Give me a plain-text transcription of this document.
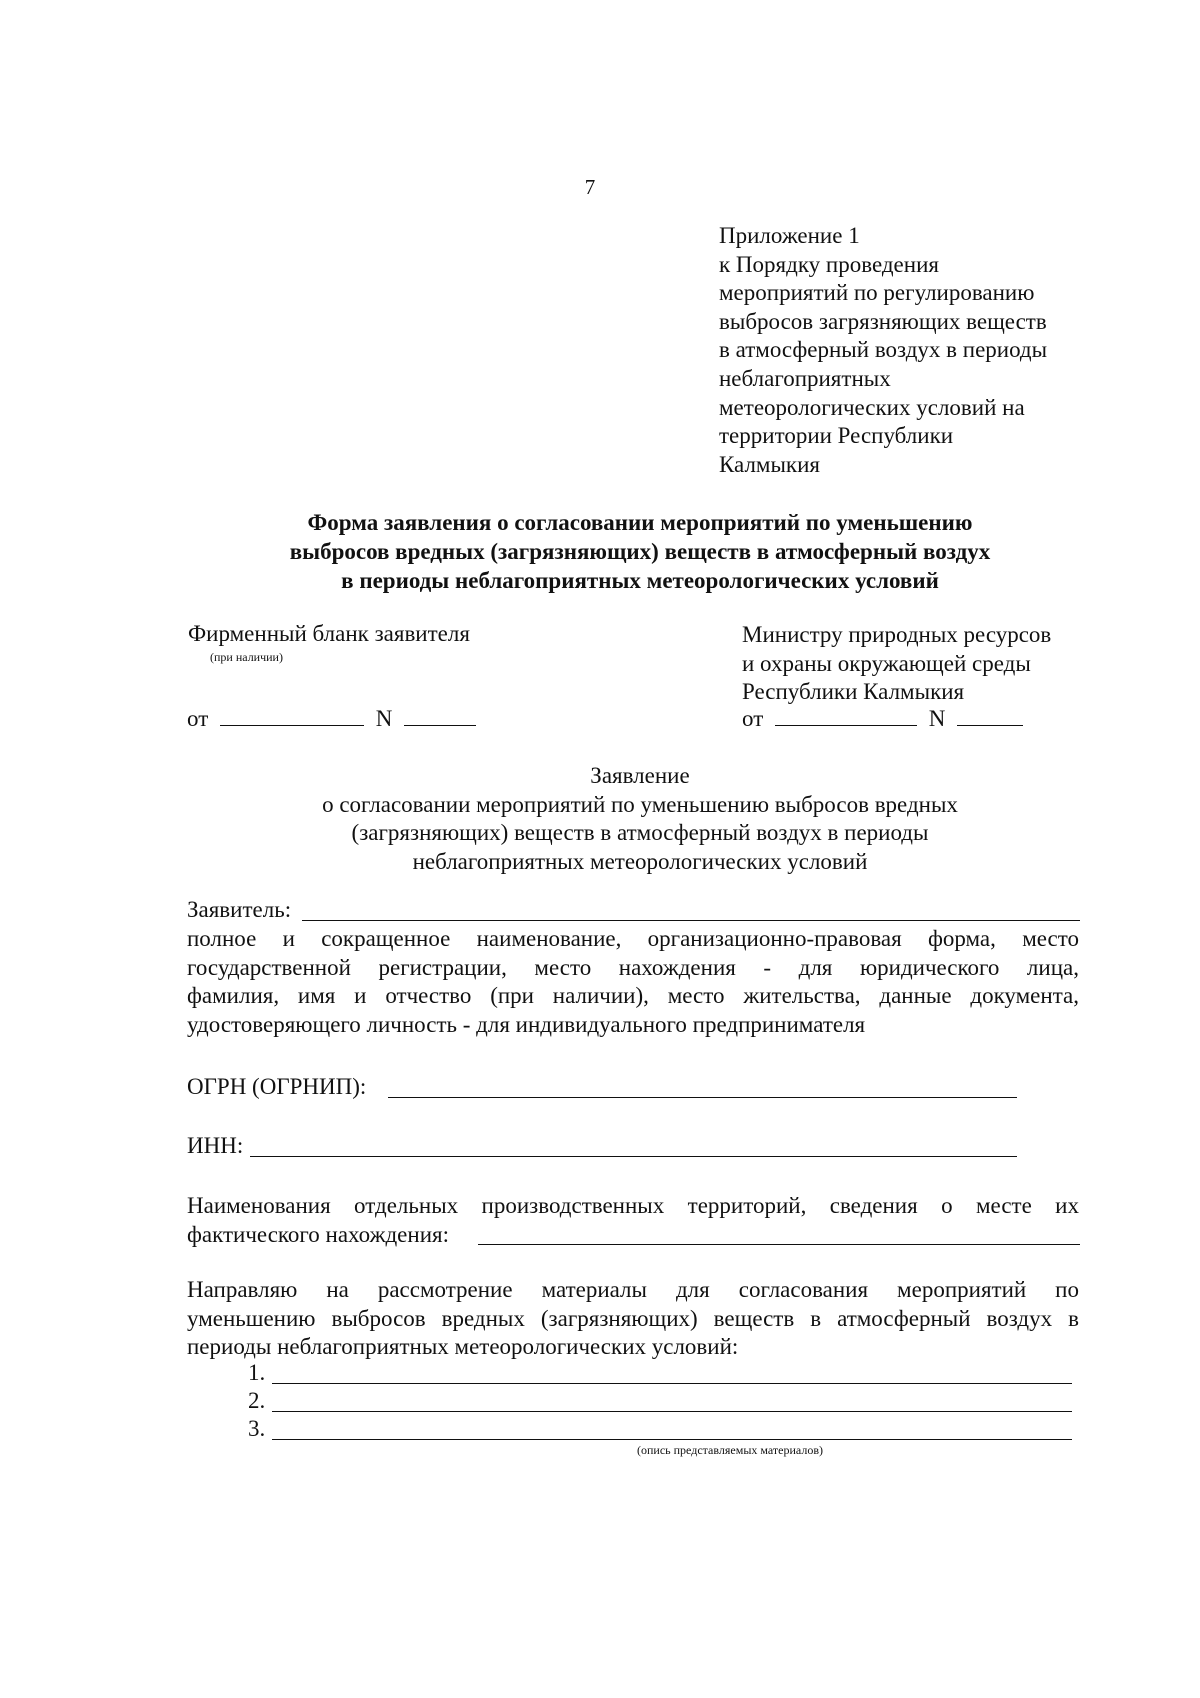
7
Приложение 1
к Порядку проведения
мероприятий по регулированию
выбросов загрязняющих веществ
в атмосферный воздух в периоды
неблагоприятных
метеорологических условий на
территории Республики
Калмыкия
Форма заявления о согласовании мероприятий по уменьшению
выбросов вредных (загрязняющих) веществ в атмосферный воздух
в периоды неблагоприятных метеорологических условий
Фирменный бланк заявителя
(при наличии)
от	N
Министру природных ресурсов
и охраны окружающей среды
Республики Калмыкия
от	N
Заявление
о согласовании мероприятий по уменьшению выбросов вредных
(загрязняющих) веществ в атмосферный воздух в периоды
неблагоприятных метеорологических условий
Заявитель:
полное и сокращенное наименование, организационно-правовая форма, место
государственной регистрации, место нахождения - для юридического лица,
фамилия, имя и отчество (при наличии), место жительства, данные документа,
удостоверяющего личность - для индивидуального предпринимателя
ОГРН (ОГРНИП):
ИНН:
Наименования отдельных производственных территорий, сведения о месте их
фактического нахождения:
Направляю на рассмотрение материалы для согласования мероприятий по
уменьшению выбросов вредных (загрязняющих) веществ в атмосферный воздух в
периоды неблагоприятных метеорологических условий:
1.
2.
3.
(опись представляемых материалов)
